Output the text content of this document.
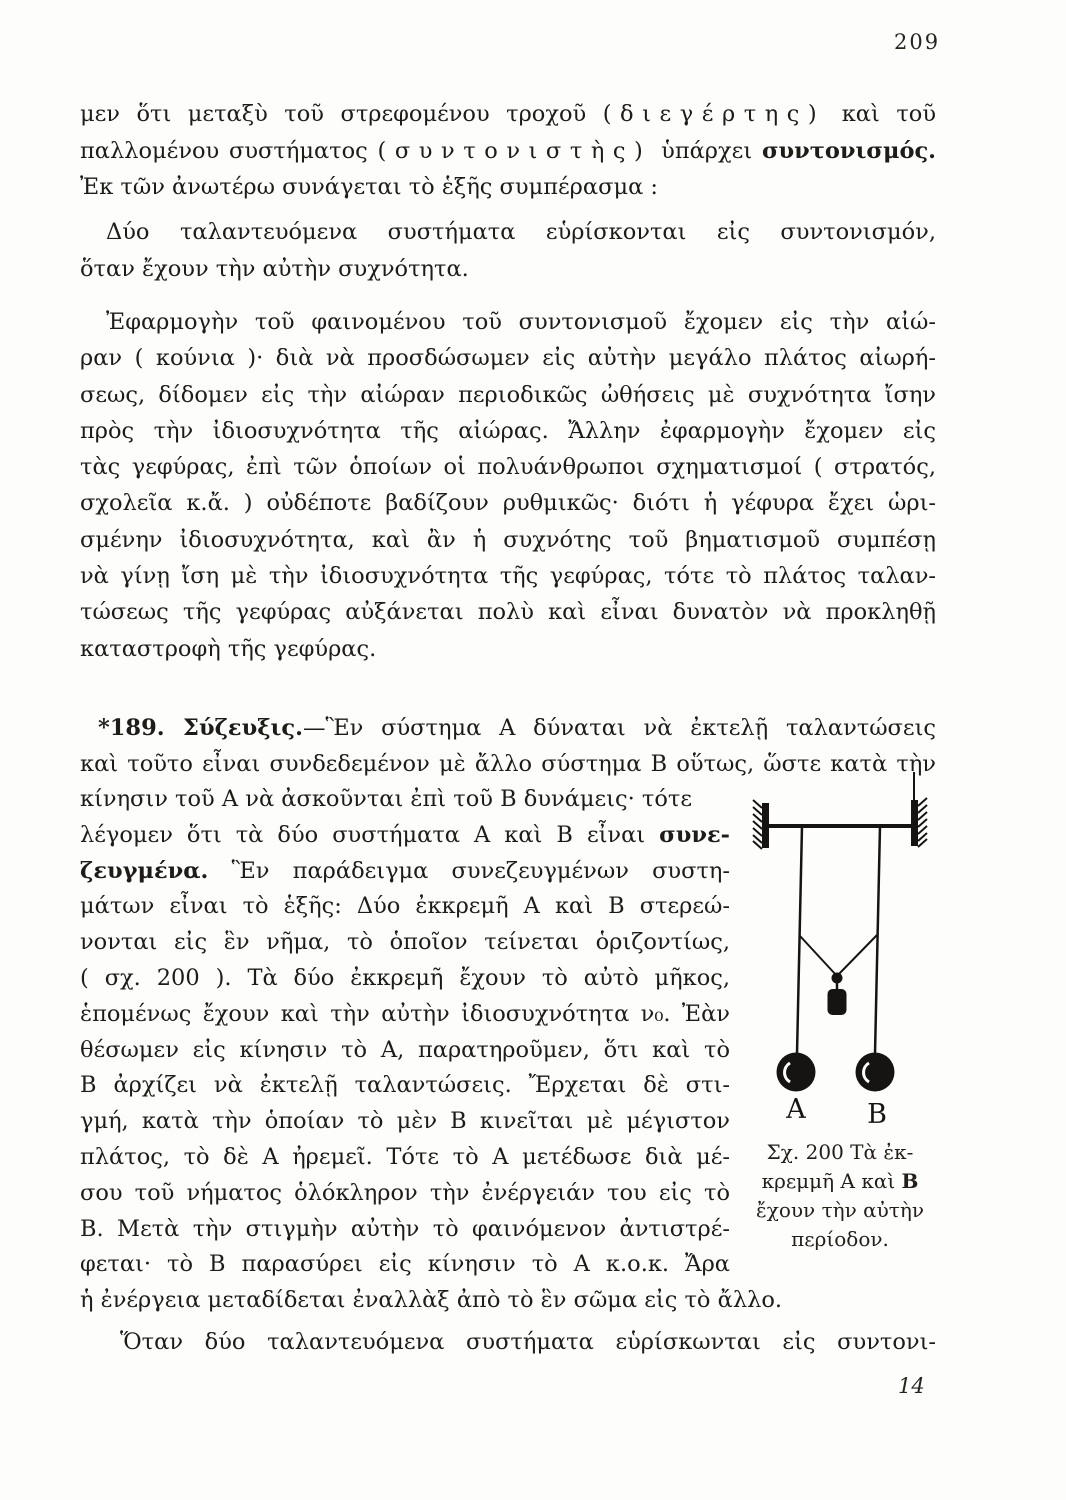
209
μεν ὅτι μεταξὺ τοῦ στρεφομένου τροχοῦ (διεγέρτης) καὶ τοῦ
παλλομένου συστήματος (συντονιστὴς) ὑπάρχει συντονισμός.
Ἐκ τῶν ἀνωτέρω συνάγεται τὸ ἑξῆς συμπέρασμα :
Δύο ταλαντευόμενα συστήματα εὑρίσκονται εἰς συντονισμόν,
ὅταν ἔχουν τὴν αὐτὴν συχνότητα.
Ἐφαρμογὴν τοῦ φαινομένου τοῦ συντονισμοῦ ἔχομεν εἰς τὴν αἰώ-
ραν ( κούνια )· διὰ νὰ προσδώσωμεν εἰς αὐτὴν μεγάλο πλάτος αἰωρή-
σεως, δίδομεν εἰς τὴν αἰώραν περιοδικῶς ὠθήσεις μὲ συχνότητα ἴσην
πρὸς τὴν ἰδιοσυχνότητα τῆς αἰώρας. Ἄλλην ἐφαρμογὴν ἔχομεν εἰς
τὰς γεφύρας, ἐπὶ τῶν ὁποίων οἱ πολυάνθρωποι σχηματισμοί ( στρατός,
σχολεῖα κ.ἄ. ) οὐδέποτε βαδίζουν ρυθμικῶς· διότι ἡ γέφυρα ἔχει ὡρι-
σμένην ἰδιοσυχνότητα, καὶ ἂν ἡ συχνότης τοῦ βηματισμοῦ συμπέσῃ
νὰ γίνῃ ἴση μὲ τὴν ἰδιοσυχνότητα τῆς γεφύρας, τότε τὸ πλάτος ταλαν-
τώσεως τῆς γεφύρας αὐξάνεται πολὺ καὶ εἶναι δυνατὸν νὰ προκληθῇ
καταστροφὴ τῆς γεφύρας.
*189. Σύζευξις.—Ἓν σύστημα Α δύναται νὰ ἐκτελῇ ταλαντώσεις
καὶ τοῦτο εἶναι συνδεδεμένον μὲ ἄλλο σύστημα Β οὕτως, ὥστε κατὰ τὴν
κίνησιν τοῦ Α νὰ ἀσκοῦνται ἐπὶ τοῦ Β δυνάμεις· τότε
λέγομεν ὅτι τὰ δύο συστήματα Α καὶ Β εἶναι συνε-
ζευγμένα. Ἓν παράδειγμα συνεζευγμένων συστη-
μάτων εἶναι τὸ ἑξῆς: Δύο ἐκκρεμῆ Α καὶ Β στερεώ-
νονται εἰς ἓν νῆμα, τὸ ὁποῖον τείνεται ὁριζοντίως,
( σχ. 200 ). Τὰ δύο ἐκκρεμῆ ἔχουν τὸ αὐτὸ μῆκος,
ἑπομένως ἔχουν καὶ τὴν αὐτὴν ἰδιοσυχνότητα ν₀. Ἐὰν
θέσωμεν εἰς κίνησιν τὸ Α, παρατηροῦμεν, ὅτι καὶ τὸ
Β ἀρχίζει νὰ ἐκτελῇ ταλαντώσεις. Ἔρχεται δὲ στι-
γμή, κατὰ τὴν ὁποίαν τὸ μὲν Β κινεῖται μὲ μέγιστον
πλάτος, τὸ δὲ Α ἠρεμεῖ. Τότε τὸ Α μετέδωσε διὰ μέ-
σου τοῦ νήματος ὁλόκληρον τὴν ἐνέργειάν του εἰς τὸ
Β. Μετὰ τὴν στιγμὴν αὐτὴν τὸ φαινόμενον ἀντιστρέ-
φεται· τὸ Β παρασύρει εἰς κίνησιν τὸ Α κ.ο.κ. Ἄρα
ἡ ἐνέργεια μεταδίδεται ἐναλλὰξ ἀπὸ τὸ ἓν σῶμα εἰς τὸ ἄλλο.
Ὅταν δύο ταλαντευόμενα συστήματα εὑρίσκωνται εἰς συντονι-
Α Β
Σχ. 200 Τὰ ἐκ-
κρεμμῆ Α καὶ Β
ἔχουν τὴν αὐτὴν
περίοδον.
14
